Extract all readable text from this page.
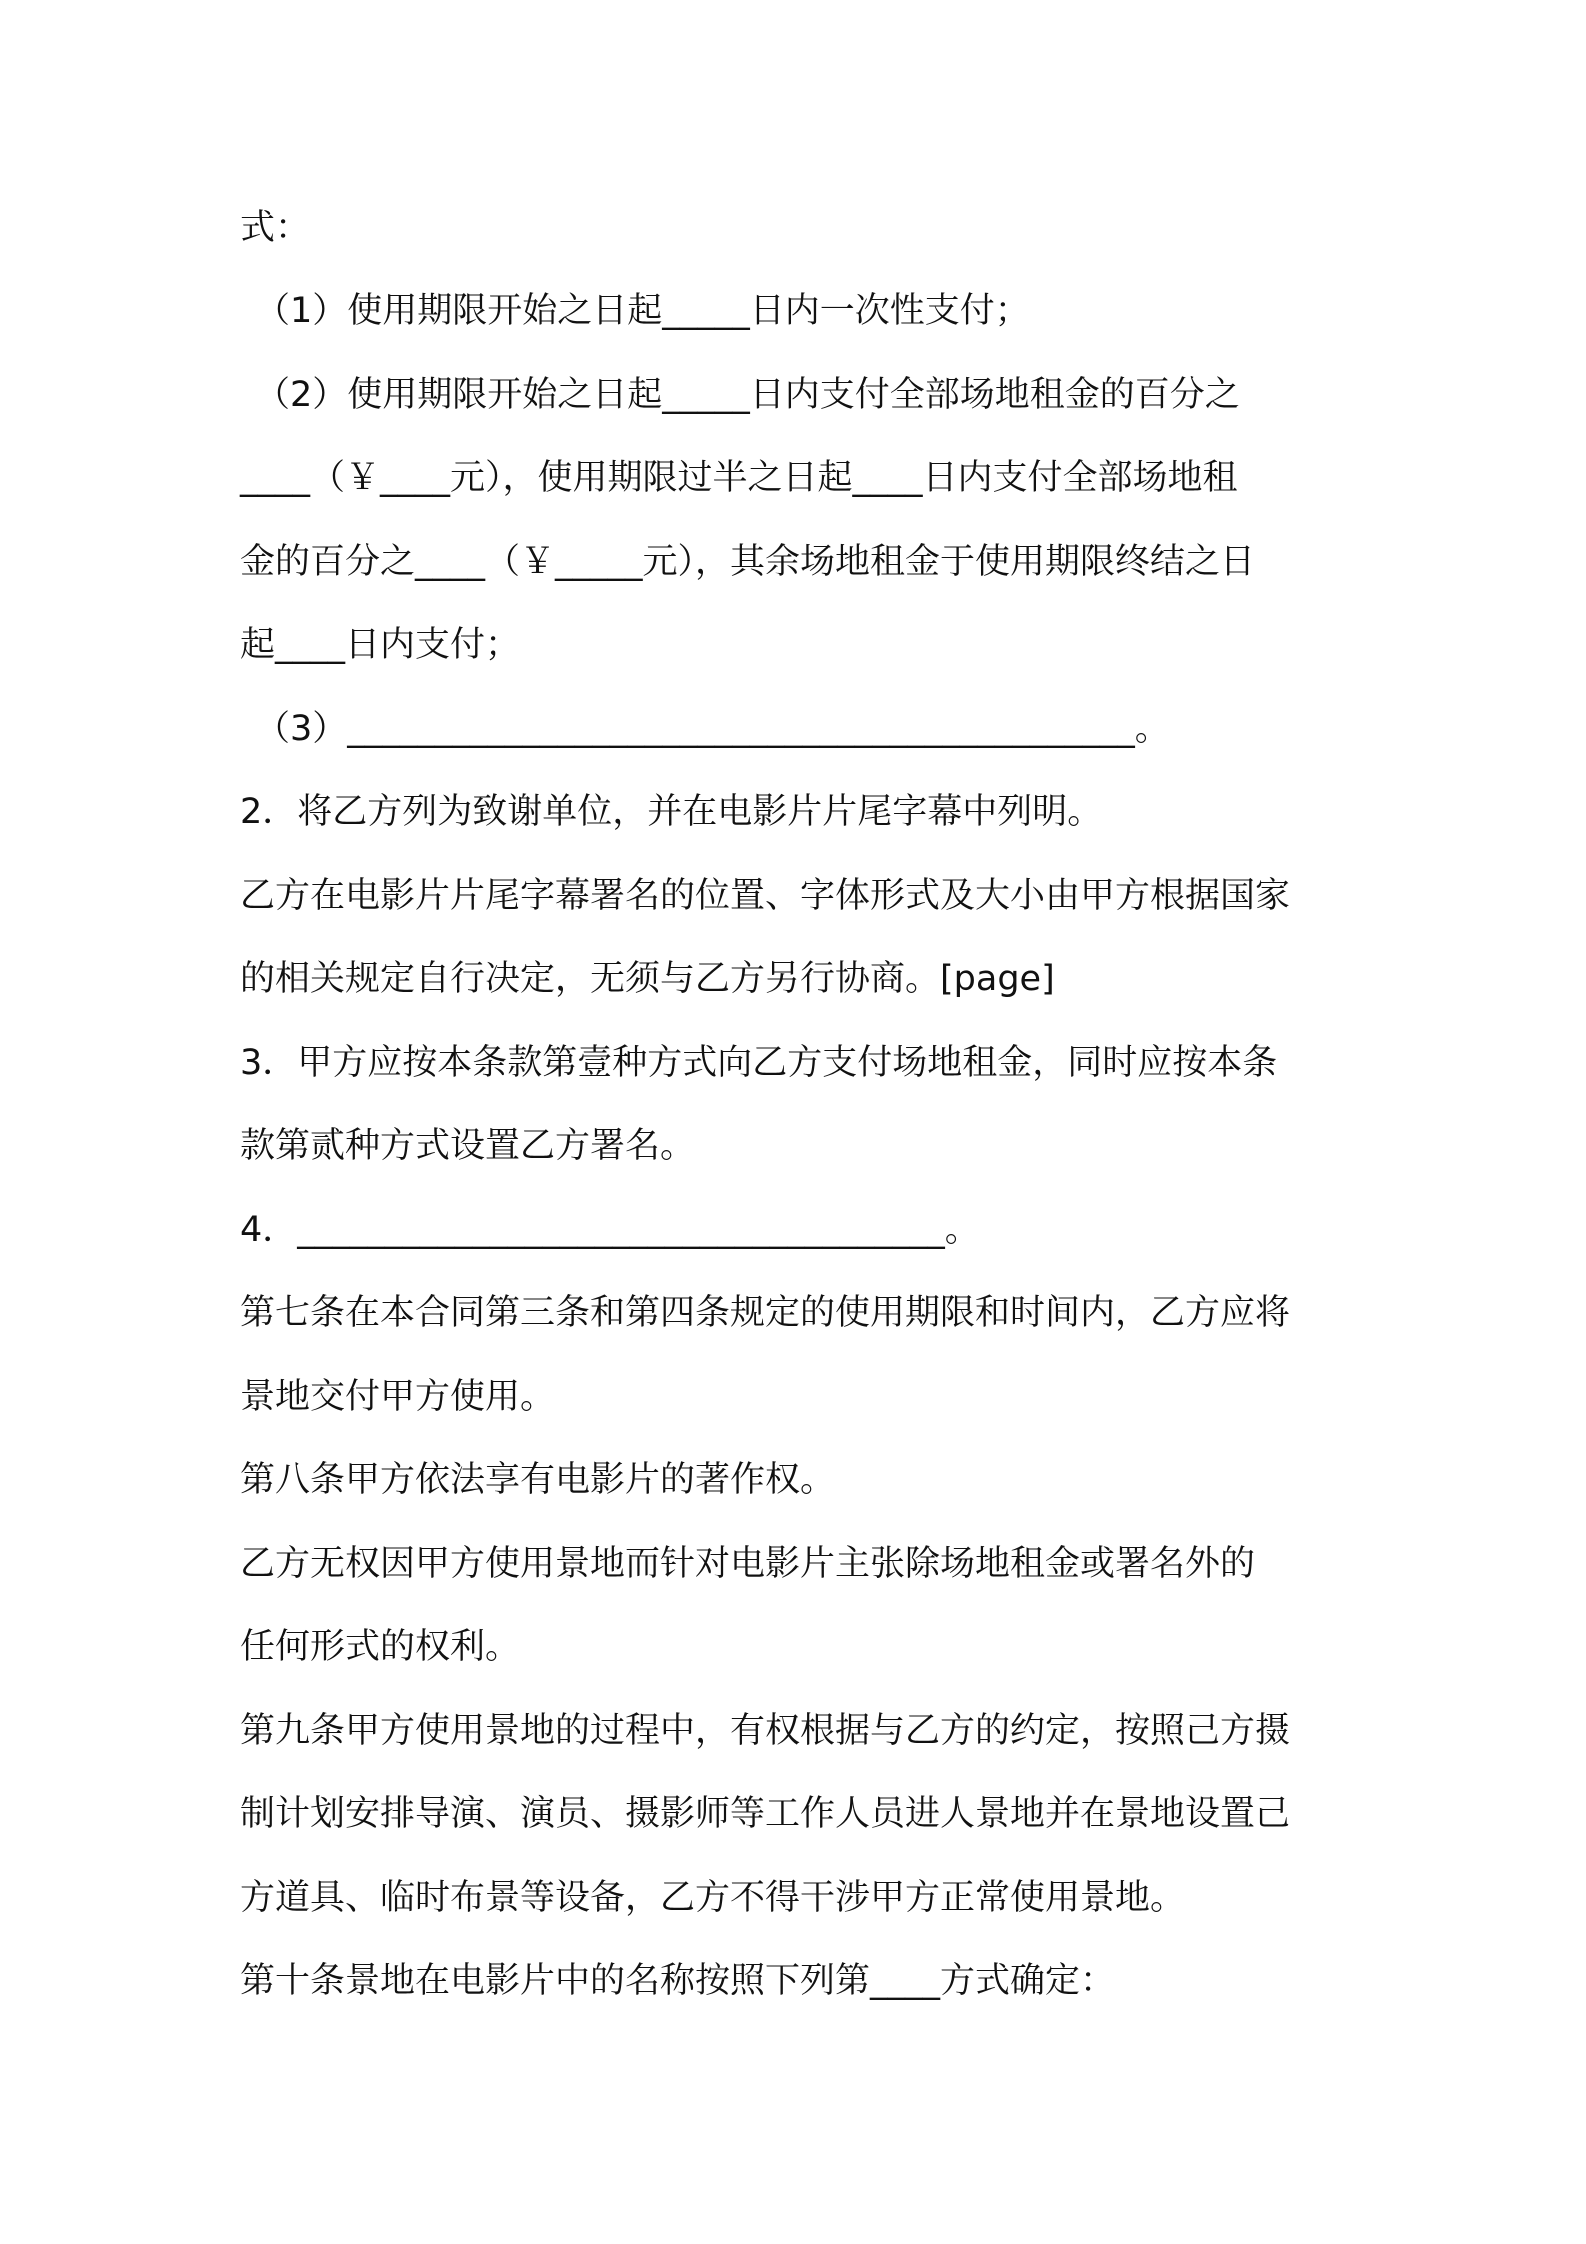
式：

（1）使用期限开始之日起_____日内一次性支付；

（2）使用期限开始之日起_____日内支付全部场地租金的百分之

____（￥____元），使用期限过半之日起____日内支付全部场地租

金的百分之____（￥_____元），其余场地租金于使用期限终结之日

起____日内支付；

（3）_____________________________________________。

2．将乙方列为致谢单位，并在电影片片尾字幕中列明。

乙方在电影片片尾字幕署名的位置、字体形式及大小由甲方根据国家

的相关规定自行决定，无须与乙方另行协商。[page]

3．甲方应按本条款第壹种方式向乙方支付场地租金，同时应按本条

款第贰种方式设置乙方署名。

4．_____________________________________。

第七条在本合同第三条和第四条规定的使用期限和时间内，乙方应将

景地交付甲方使用。

第八条甲方依法享有电影片的著作权。

乙方无权因甲方使用景地而针对电影片主张除场地租金或署名外的

任何形式的权利。

第九条甲方使用景地的过程中，有权根据与乙方的约定，按照己方摄

制计划安排导演、演员、摄影师等工作人员进人景地并在景地设置己

方道具、临时布景等设备，乙方不得干涉甲方正常使用景地。

第十条景地在电影片中的名称按照下列第____方式确定：
